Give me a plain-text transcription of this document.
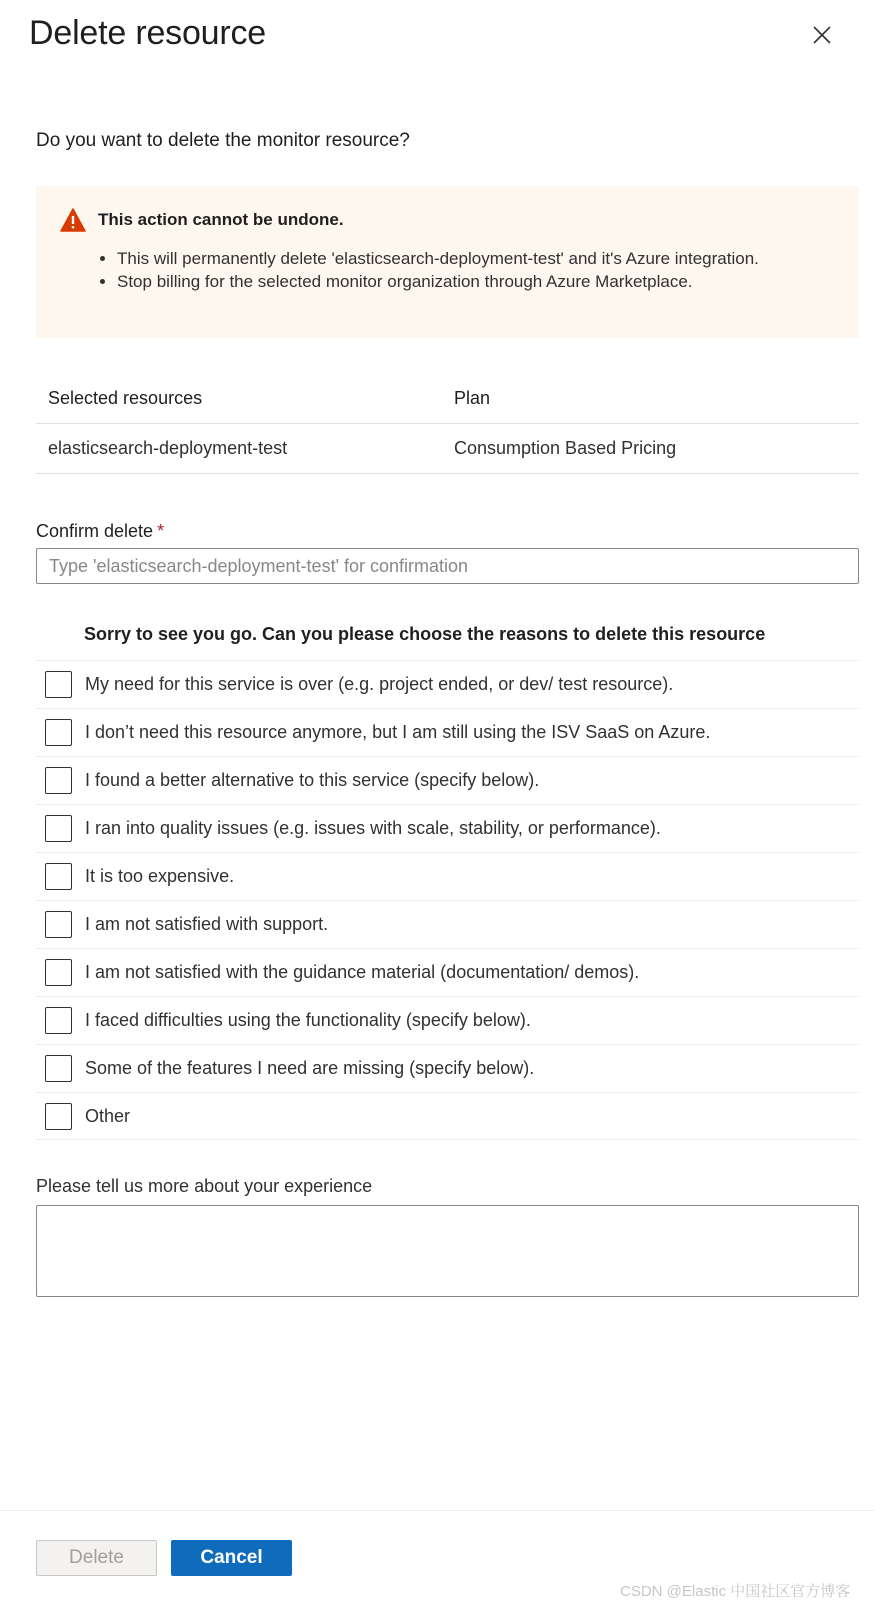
Delete resource
Do you want to delete the monitor resource?
This action cannot be undone.
• This will permanently delete 'elasticsearch-deployment-test' and it's Azure integration.
• Stop billing for the selected monitor organization through Azure Marketplace.
Selected resources	Plan
elasticsearch-deployment-test	Consumption Based Pricing
Confirm delete *
Type 'elasticsearch-deployment-test' for confirmation
Sorry to see you go. Can you please choose the reasons to delete this resource
My need for this service is over (e.g. project ended, or dev/ test resource).
I don’t need this resource anymore, but I am still using the ISV SaaS on Azure.
I found a better alternative to this service (specify below).
I ran into quality issues (e.g. issues with scale, stability, or performance).
It is too expensive.
I am not satisfied with support.
I am not satisfied with the guidance material (documentation/ demos).
I faced difficulties using the functionality (specify below).
Some of the features I need are missing (specify below).
Other
Please tell us more about your experience
Delete	Cancel
CSDN @Elastic 中国社区官方博客
